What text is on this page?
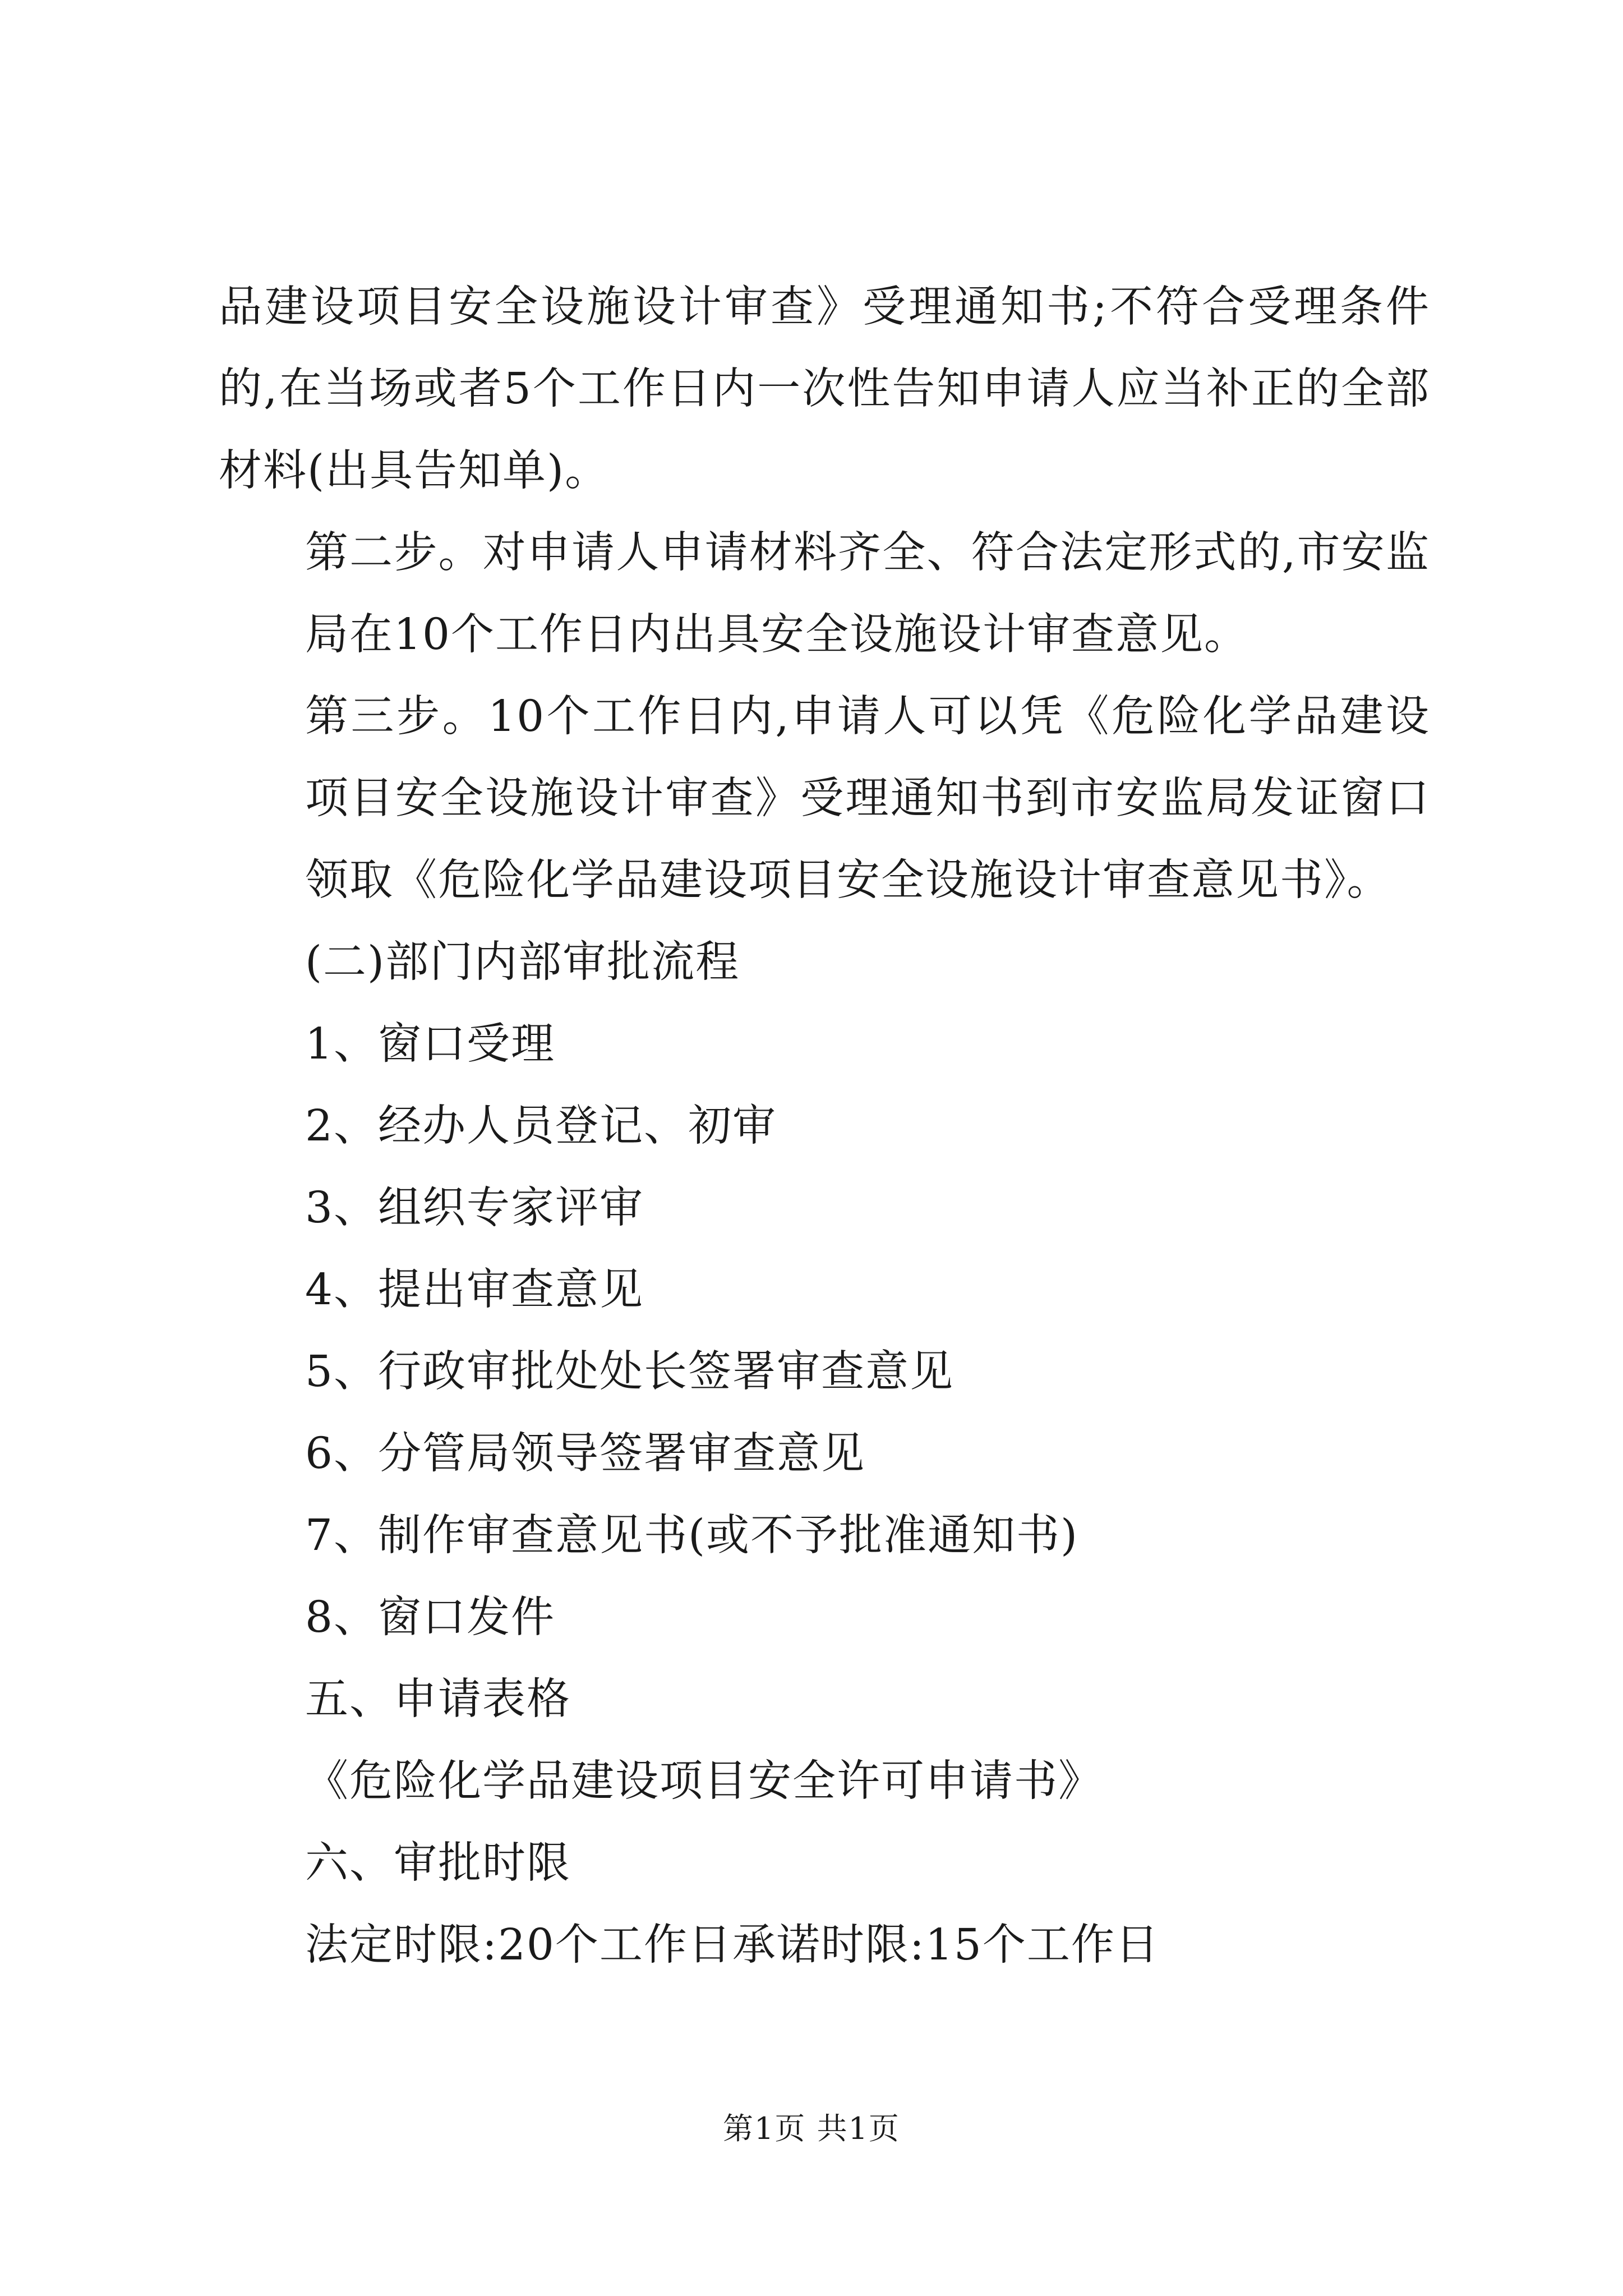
品建设项目安全设施设计审查》受理通知书;不符合受理条件的,在当场或者5个工作日内一次性告知申请人应当补正的全部材料(出具告知单)。

第二步。对申请人申请材料齐全、符合法定形式的,市安监局在10个工作日内出具安全设施设计审查意见。

第三步。10个工作日内,申请人可以凭《危险化学品建设项目安全设施设计审查》受理通知书到市安监局发证窗口领取《危险化学品建设项目安全设施设计审查意见书》。

(二)部门内部审批流程

1、窗口受理

2、经办人员登记、初审

3、组织专家评审

4、提出审查意见

5、行政审批处处长签署审查意见

6、分管局领导签署审查意见

7、制作审查意见书(或不予批准通知书)

8、窗口发件

五、申请表格

《危险化学品建设项目安全许可申请书》

六、审批时限

法定时限:20个工作日承诺时限:15个工作日

第1页 共1页
